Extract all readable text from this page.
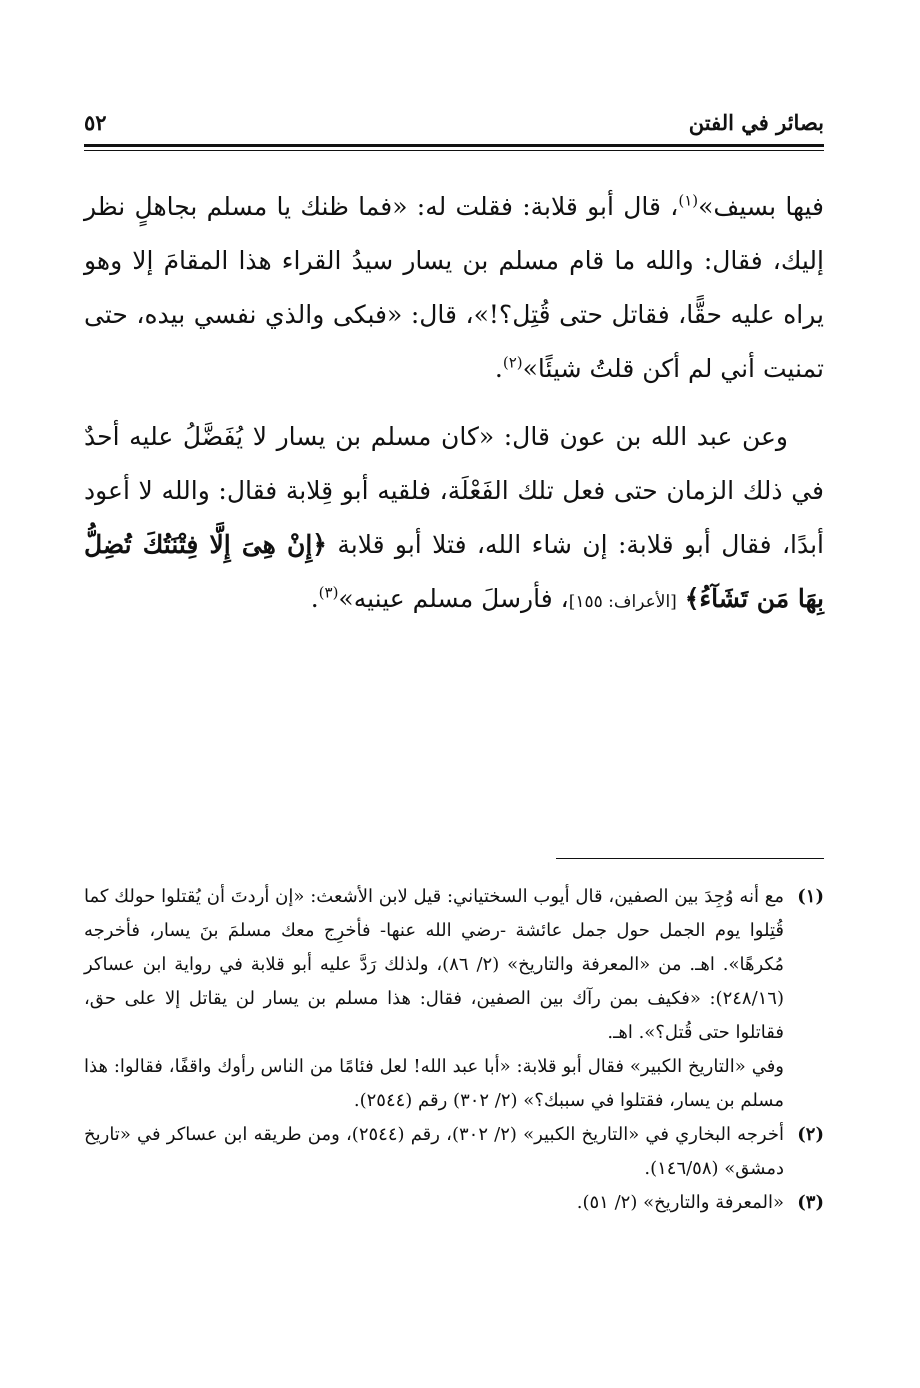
بصائر في الفتن
٥٢

فيها بسيف»$^{(١)}$، قال أبو قلابة: فقلت له: «فما ظنك يا مسلم بجاهلٍ نظر إليك، فقال: والله ما قام مسلم بن يسار سيدُ القراء هذا المقامَ إلا وهو يراه عليه حقًّا، فقاتل حتى قُتِل؟!»، قال: «فبكى والذي نفسي بيده، حتى تمنيت أني لم أكن قلتُ شيئًا»$^{(٢)}$.

وعن عبد الله بن عون قال: «كان مسلم بن يسار لا يُفَضَّلُ عليه أحدٌ في ذلك الزمان حتى فعل تلك الفَعْلَة، فلقيه أبو قِلابة فقال: والله لا أعود أبدًا، فقال أبو قلابة: إن شاء الله، فتلا أبو قلابة ﴿إِنْ هِىَ إِلَّا فِتْنَتُكَ تُضِلُّ بِهَا مَن تَشَآءُ﴾ [الأعراف: ١٥٥]، فأرسلَ مسلم عينيه»$^{(٣)}$.

(١)
مع أنه وُجِدَ بين الصفين، قال أيوب السختياني: قيل لابن الأشعث: «إن أردتَ أن يُقتلوا حولك كما قُتِلوا يوم الجمل حول جمل عائشة -رضي الله عنها- فأخرِج معك مسلمَ بنَ يسار، فأخرجه مُكرهًا». اهـ. من «المعرفة والتاريخ» (٢/ ٨٦)، ولذلك رَدَّ عليه أبو قلابة في رواية ابن عساكر (٢٤٨/١٦): «فكيف بمن رآك بين الصفين، فقال: هذا مسلم بن يسار لن يقاتل إلا على حق، فقاتلوا حتى قُتل؟». اهـ.
وفي «التاريخ الكبير» فقال أبو قلابة: «أبا عبد الله! لعل فئامًا من الناس رأوك واقفًا، فقالوا: هذا مسلم بن يسار، فقتلوا في سببك؟» (٢/ ٣٠٢) رقم (٢٥٤٤).
(٢)
أخرجه البخاري في «التاريخ الكبير» (٢/ ٣٠٢)، رقم (٢٥٤٤)، ومن طريقه ابن عساكر في «تاريخ دمشق» (١٤٦/٥٨).
(٣)
«المعرفة والتاريخ» (٢/ ٥١).
